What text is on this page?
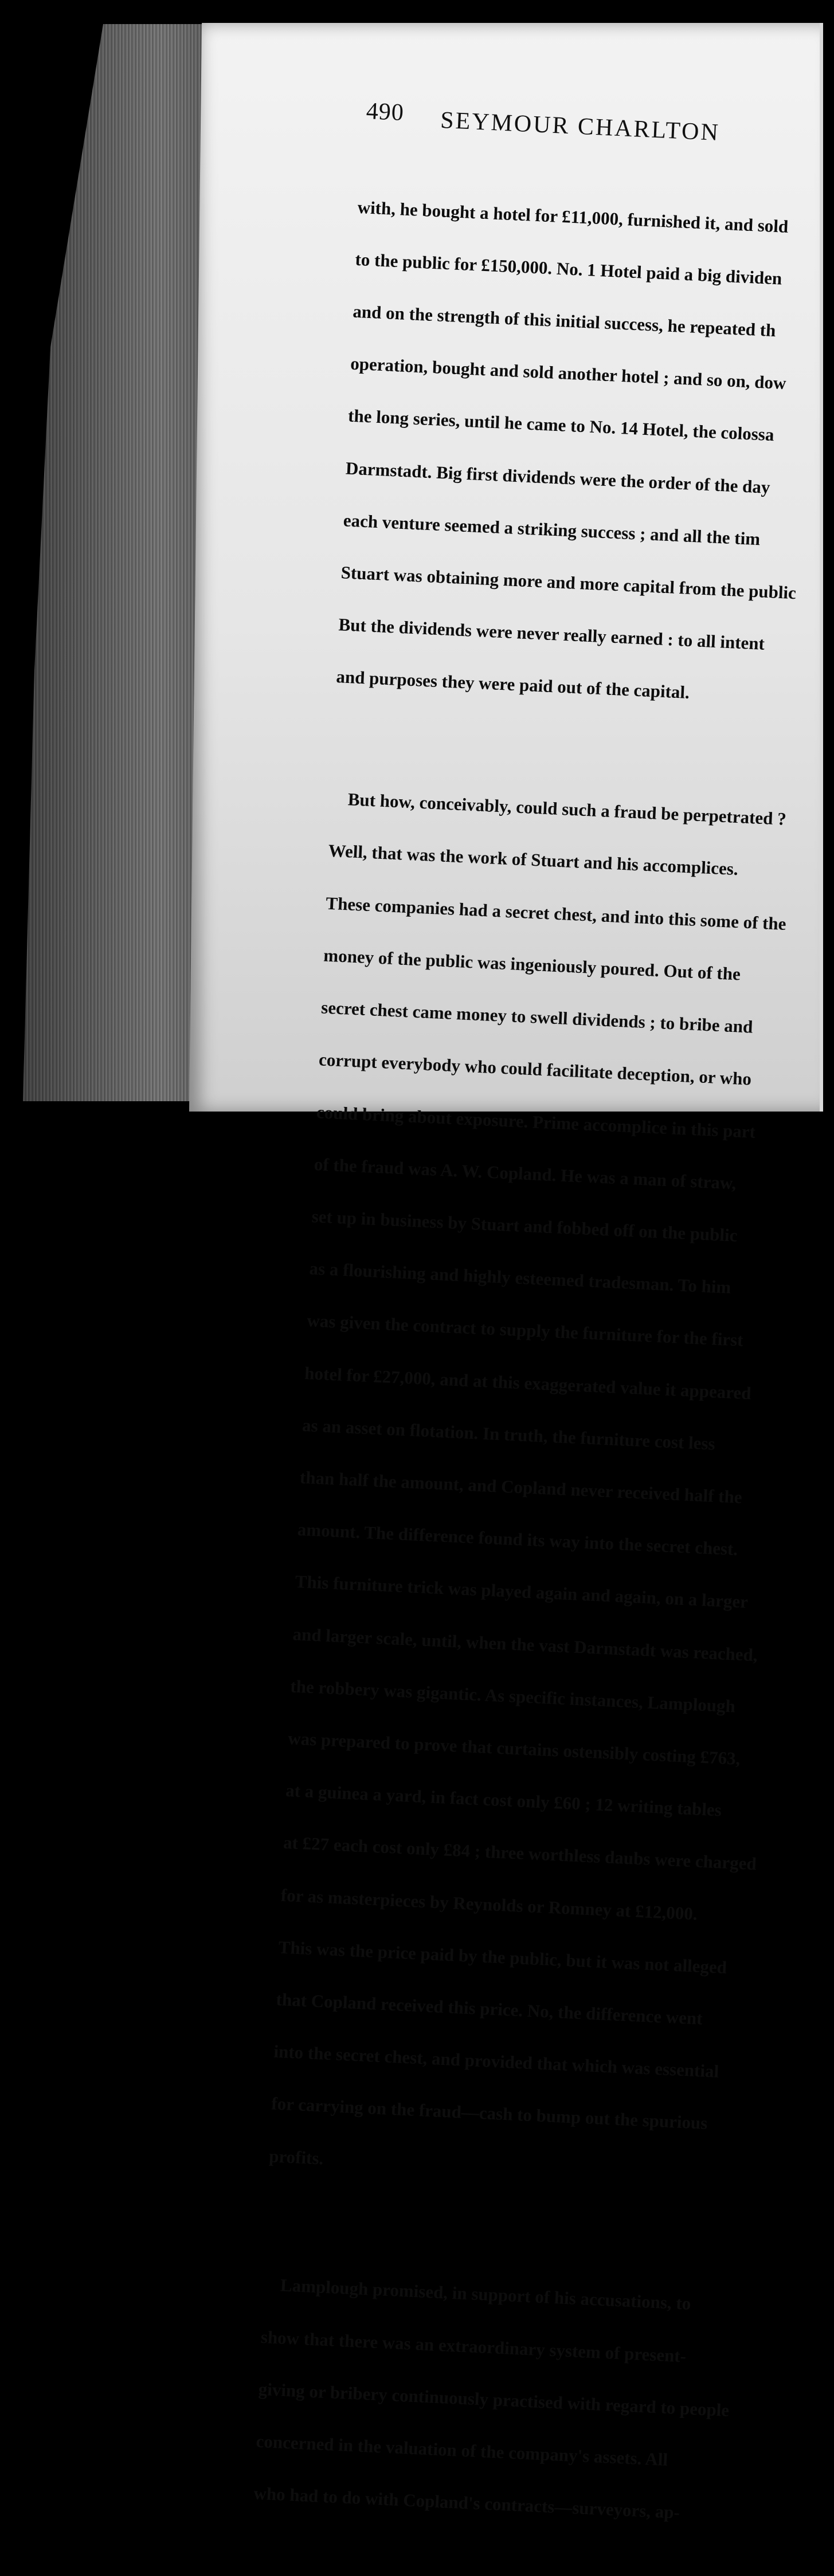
490 SEYMOUR CHARLTON

with, he bought a hotel for £11,000, furnished it, and sold

to the public for £150,000. No. 1 Hotel paid a big dividen

and on the strength of this initial success, he repeated th

operation, bought and sold another hotel ; and so on, dow

the long series, until he came to No. 14 Hotel, the colossa

Darmstadt. Big first dividends were the order of the day

each venture seemed a striking success ; and all the tim

Stuart was obtaining more and more capital from the public

But the dividends were never really earned : to all intent

and purposes they were paid out of the capital.

But how, conceivably, could such a fraud be perpetrated ?

Well, that was the work of Stuart and his accomplices.

These companies had a secret chest, and into this some of the

money of the public was ingeniously poured. Out of the

secret chest came money to swell dividends ; to bribe and

corrupt everybody who could facilitate deception, or who

could bring about exposure. Prime accomplice in this part

of the fraud was A. W. Copland. He was a man of straw,

set up in business by Stuart and fobbed off on the public

as a flourishing and highly esteemed tradesman. To him

was given the contract to supply the furniture for the first

hotel for £27,000, and at this exaggerated value it appeared

as an asset on flotation. In truth, the furniture cost less

than half the amount, and Copland never received half the

amount. The difference found its way into the secret chest.

This furniture trick was played again and again, on a larger

and larger scale, until, when the vast Darmstadt was reached,

the robbery was gigantic. As specific instances, Lamplough

was prepared to prove that curtains ostensibly costing £763,

at a guinea a yard, in fact cost only £60 ; 12 writing tables

at £27 each cost only £84 ; three worthless daubs were charged

for as masterpieces by Reynolds or Romney at £12,000.

This was the price paid by the public, but it was not alleged

that Copland received this price. No, the difference went

into the secret chest, and provided that which was essential

for carrying on the fraud—cash to bump out the spurious

profits.

Lamplough promised, in support of his accusations, to

show that there was an extraordinary system of present-

giving or bribery continuously practised with regard to people

concerned in the valuation of the company's assets. All

who had to do with Copland's contracts—surveyors, ap-
